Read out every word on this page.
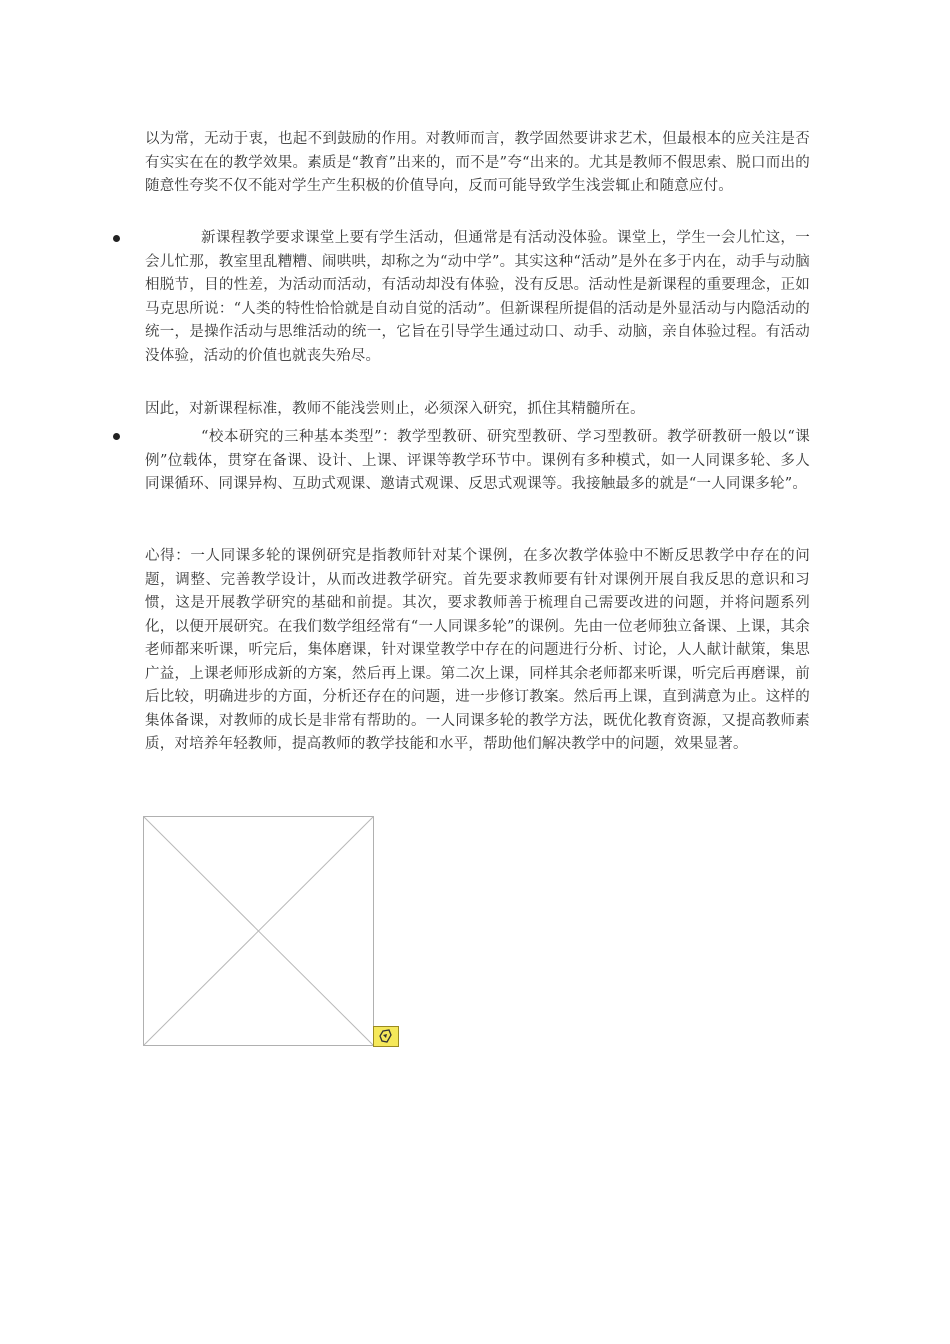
以为常，无动于衷，也起不到鼓励的作用。对教师而言，教学固然要讲求艺术，但最根本的应关注是否有实实在在的教学效果。素质是“教育”出来的，而不是”夸“出来的。尤其是教师不假思索、脱口而出的随意性夸奖不仅不能对学生产生积极的价值导向，反而可能导致学生浅尝辄止和随意应付。
新课程教学要求课堂上要有学生活动，但通常是有活动没体验。课堂上，学生一会儿忙这，一会儿忙那，教室里乱糟糟、闹哄哄，却称之为“动中学”。其实这种“活动”是外在多于内在，动手与动脑相脱节，目的性差，为活动而活动，有活动却没有体验，没有反思。活动性是新课程的重要理念，正如马克思所说：“人类的特性恰恰就是自动自觉的活动”。但新课程所提倡的活动是外显活动与内隐活动的统一，是操作活动与思维活动的统一，它旨在引导学生通过动口、动手、动脑，亲自体验过程。有活动没体验，活动的价值也就丧失殆尽。
因此，对新课程标准，教师不能浅尝则止，必须深入研究，抓住其精髓所在。
“校本研究的三种基本类型”：教学型教研、研究型教研、学习型教研。教学研教研一般以“课例”位载体，贯穿在备课、设计、上课、评课等教学环节中。课例有多种模式，如一人同课多轮、多人同课循环、同课异构、互助式观课、邀请式观课、反思式观课等。我接触最多的就是“一人同课多轮”。
心得：一人同课多轮的课例研究是指教师针对某个课例，在多次教学体验中不断反思教学中存在的问题，调整、完善教学设计，从而改进教学研究。首先要求教师要有针对课例开展自我反思的意识和习惯，这是开展教学研究的基础和前提。其次，要求教师善于梳理自己需要改进的问题，并将问题系列化，以便开展研究。在我们数学组经常有“一人同课多轮”的课例。先由一位老师独立备课、上课，其余老师都来听课，听完后，集体磨课，针对课堂教学中存在的问题进行分析、讨论，人人献计献策，集思广益，上课老师形成新的方案，然后再上课。第二次上课，同样其余老师都来听课，听完后再磨课，前后比较，明确进步的方面，分析还存在的问题，进一步修订教案。然后再上课，直到满意为止。这样的集体备课，对教师的成长是非常有帮助的。一人同课多轮的教学方法，既优化教育资源，又提高教师素质，对培养年轻教师，提高教师的教学技能和水平，帮助他们解决教学中的问题，效果显著。
